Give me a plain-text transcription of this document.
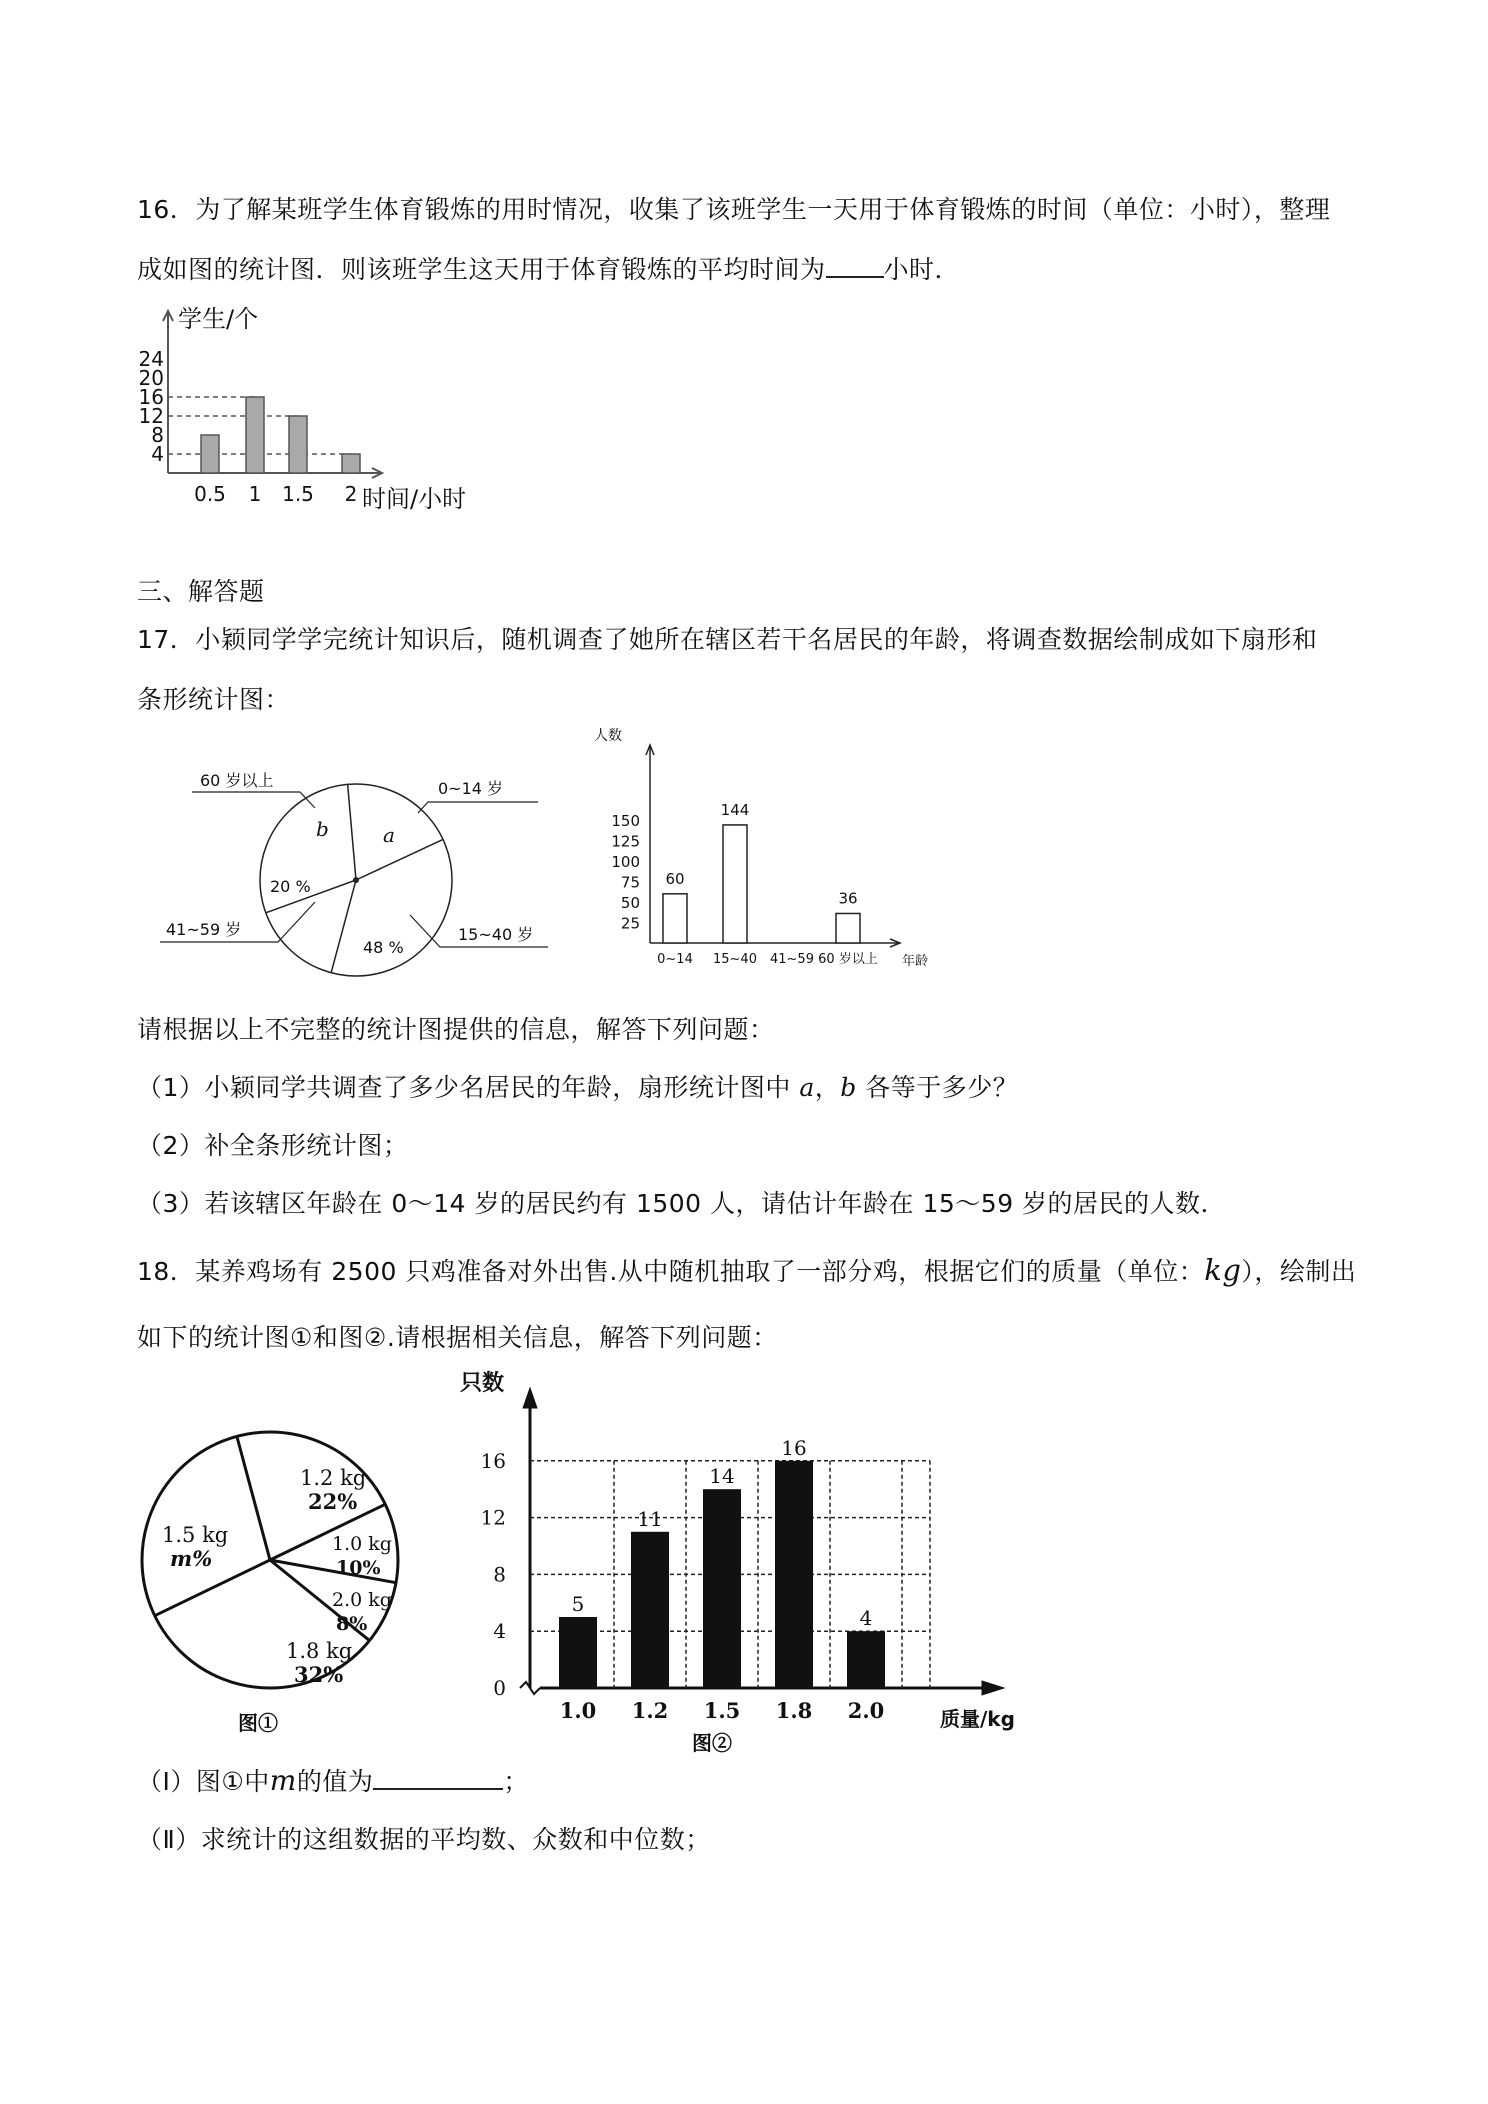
16．为了解某班学生体育锻炼的用时情况，收集了该班学生一天用于体育锻炼的时间（单位：小时），整理
成如图的统计图．则该班学生这天用于体育锻炼的平均时间为 小时．
学生/个
4
8
12
16
20
24
0.5 1 1.5 2 时间/小时
三、解答题
17．小颖同学学完统计知识后，随机调查了她所在辖区若干名居民的年龄，将调查数据绘制成如下扇形和
条形统计图：
a
48 %
20 %
b
60 岁以上	0~14 岁
41~59 岁	15~40 岁
人数
25
50
75
100
125
150
60
0~14
144
15~40 41~59
36
60 岁以上 年龄
请根据以上不完整的统计图提供的信息，解答下列问题：
（1）小颖同学共调查了多少名居民的年龄，扇形统计图中 a，b 各等于多少？
（2）补全条形统计图；
（3）若该辖区年龄在 0～14 岁的居民约有 1500 人，请估计年龄在 15～59 岁的居民的人数．
18．某养鸡场有 2500 只鸡准备对外出售.从中随机抽取了一部分鸡，根据它们的质量（单位：kg），绘制出
如下的统计图①和图②.请根据相关信息，解答下列问题：
1.2 kg
22%
1.0 kg
10%
2.0 kg
8%
1.8 kg
32%
1.5 kg
m%
图①
只数
0
4
8
12
16
5
1.0
11
1.2
14
1.5
16
1.8
4
2.0	质量/kg
图②
（Ⅰ）图①中m的值为	；
（Ⅱ）求统计的这组数据的平均数、众数和中位数；
